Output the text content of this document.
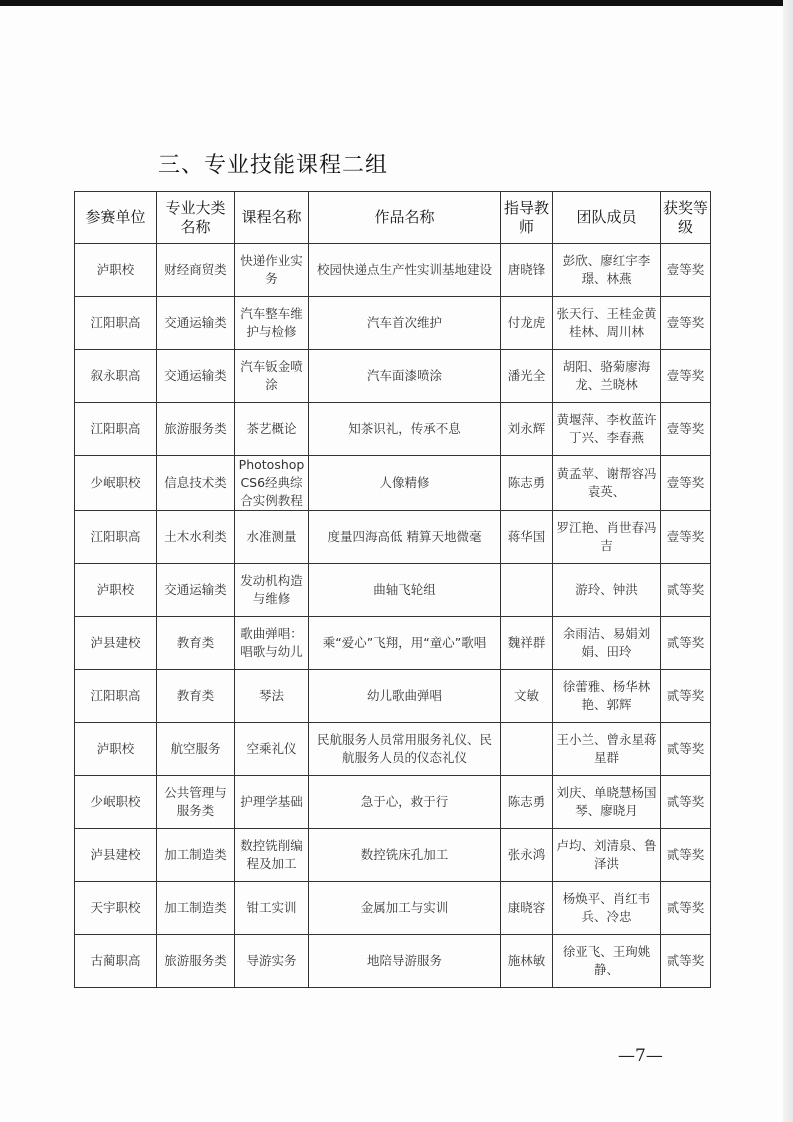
三、专业技能课程二组
参赛单位	专业大类名称	课程名称	作品名称	指导教师	团队成员	获奖等级
泸职校	财经商贸类	快递作业实务	校园快递点生产性实训基地建设	唐晓锋	彭欣、廖红宇李璟、林燕	壹等奖
江阳职高	交通运输类	汽车整车维护与检修	汽车首次维护	付龙虎	张天行、王桂金黄桂林、周川林	壹等奖
叙永职高	交通运输类	汽车钣金喷涂	汽车面漆喷涂	潘光全	胡阳、骆菊廖海龙、兰晓林	壹等奖
江阳职高	旅游服务类	茶艺概论	知茶识礼，传承不息	刘永辉	黄堰萍、李枚蓝许丁兴、李春燕	壹等奖
少岷职校	信息技术类	Photoshop CS6经典综合实例教程	人像精修	陈志勇	黄孟苹、谢帮容冯袁英、	壹等奖
江阳职高	土木水利类	水准测量	度量四海高低 精算天地微毫	蒋华国	罗江艳、肖世春冯吉	壹等奖
泸职校	交通运输类	发动机构造与维修	曲轴飞轮组		游玲、钟洪	贰等奖
泸县建校	教育类	歌曲弹唱：唱歌与幼儿	乘“爱心”飞翔，用“童心”歌唱	魏祥群	余雨洁、易娟刘娟、田玲	贰等奖
江阳职高	教育类	琴法	幼儿歌曲弹唱	文敏	徐蕾雅、杨华林艳、郭辉	贰等奖
泸职校	航空服务	空乘礼仪	民航服务人员常用服务礼仪、民航服务人员的仪态礼仪		王小兰、曾永星蒋星群	贰等奖
少岷职校	公共管理与服务类	护理学基础	急于心，救于行	陈志勇	刘庆、单晓慧杨国琴、廖晓月	贰等奖
泸县建校	加工制造类	数控铣削编程及加工	数控铣床孔加工	张永鸿	卢均、刘清泉、鲁泽洪	贰等奖
天宇职校	加工制造类	钳工实训	金属加工与实训	康晓容	杨焕平、肖红韦兵、冷忠	贰等奖
古蔺职高	旅游服务类	导游实务	地陪导游服务	施林敏	徐亚飞、王珣姚静、	贰等奖
—7—
